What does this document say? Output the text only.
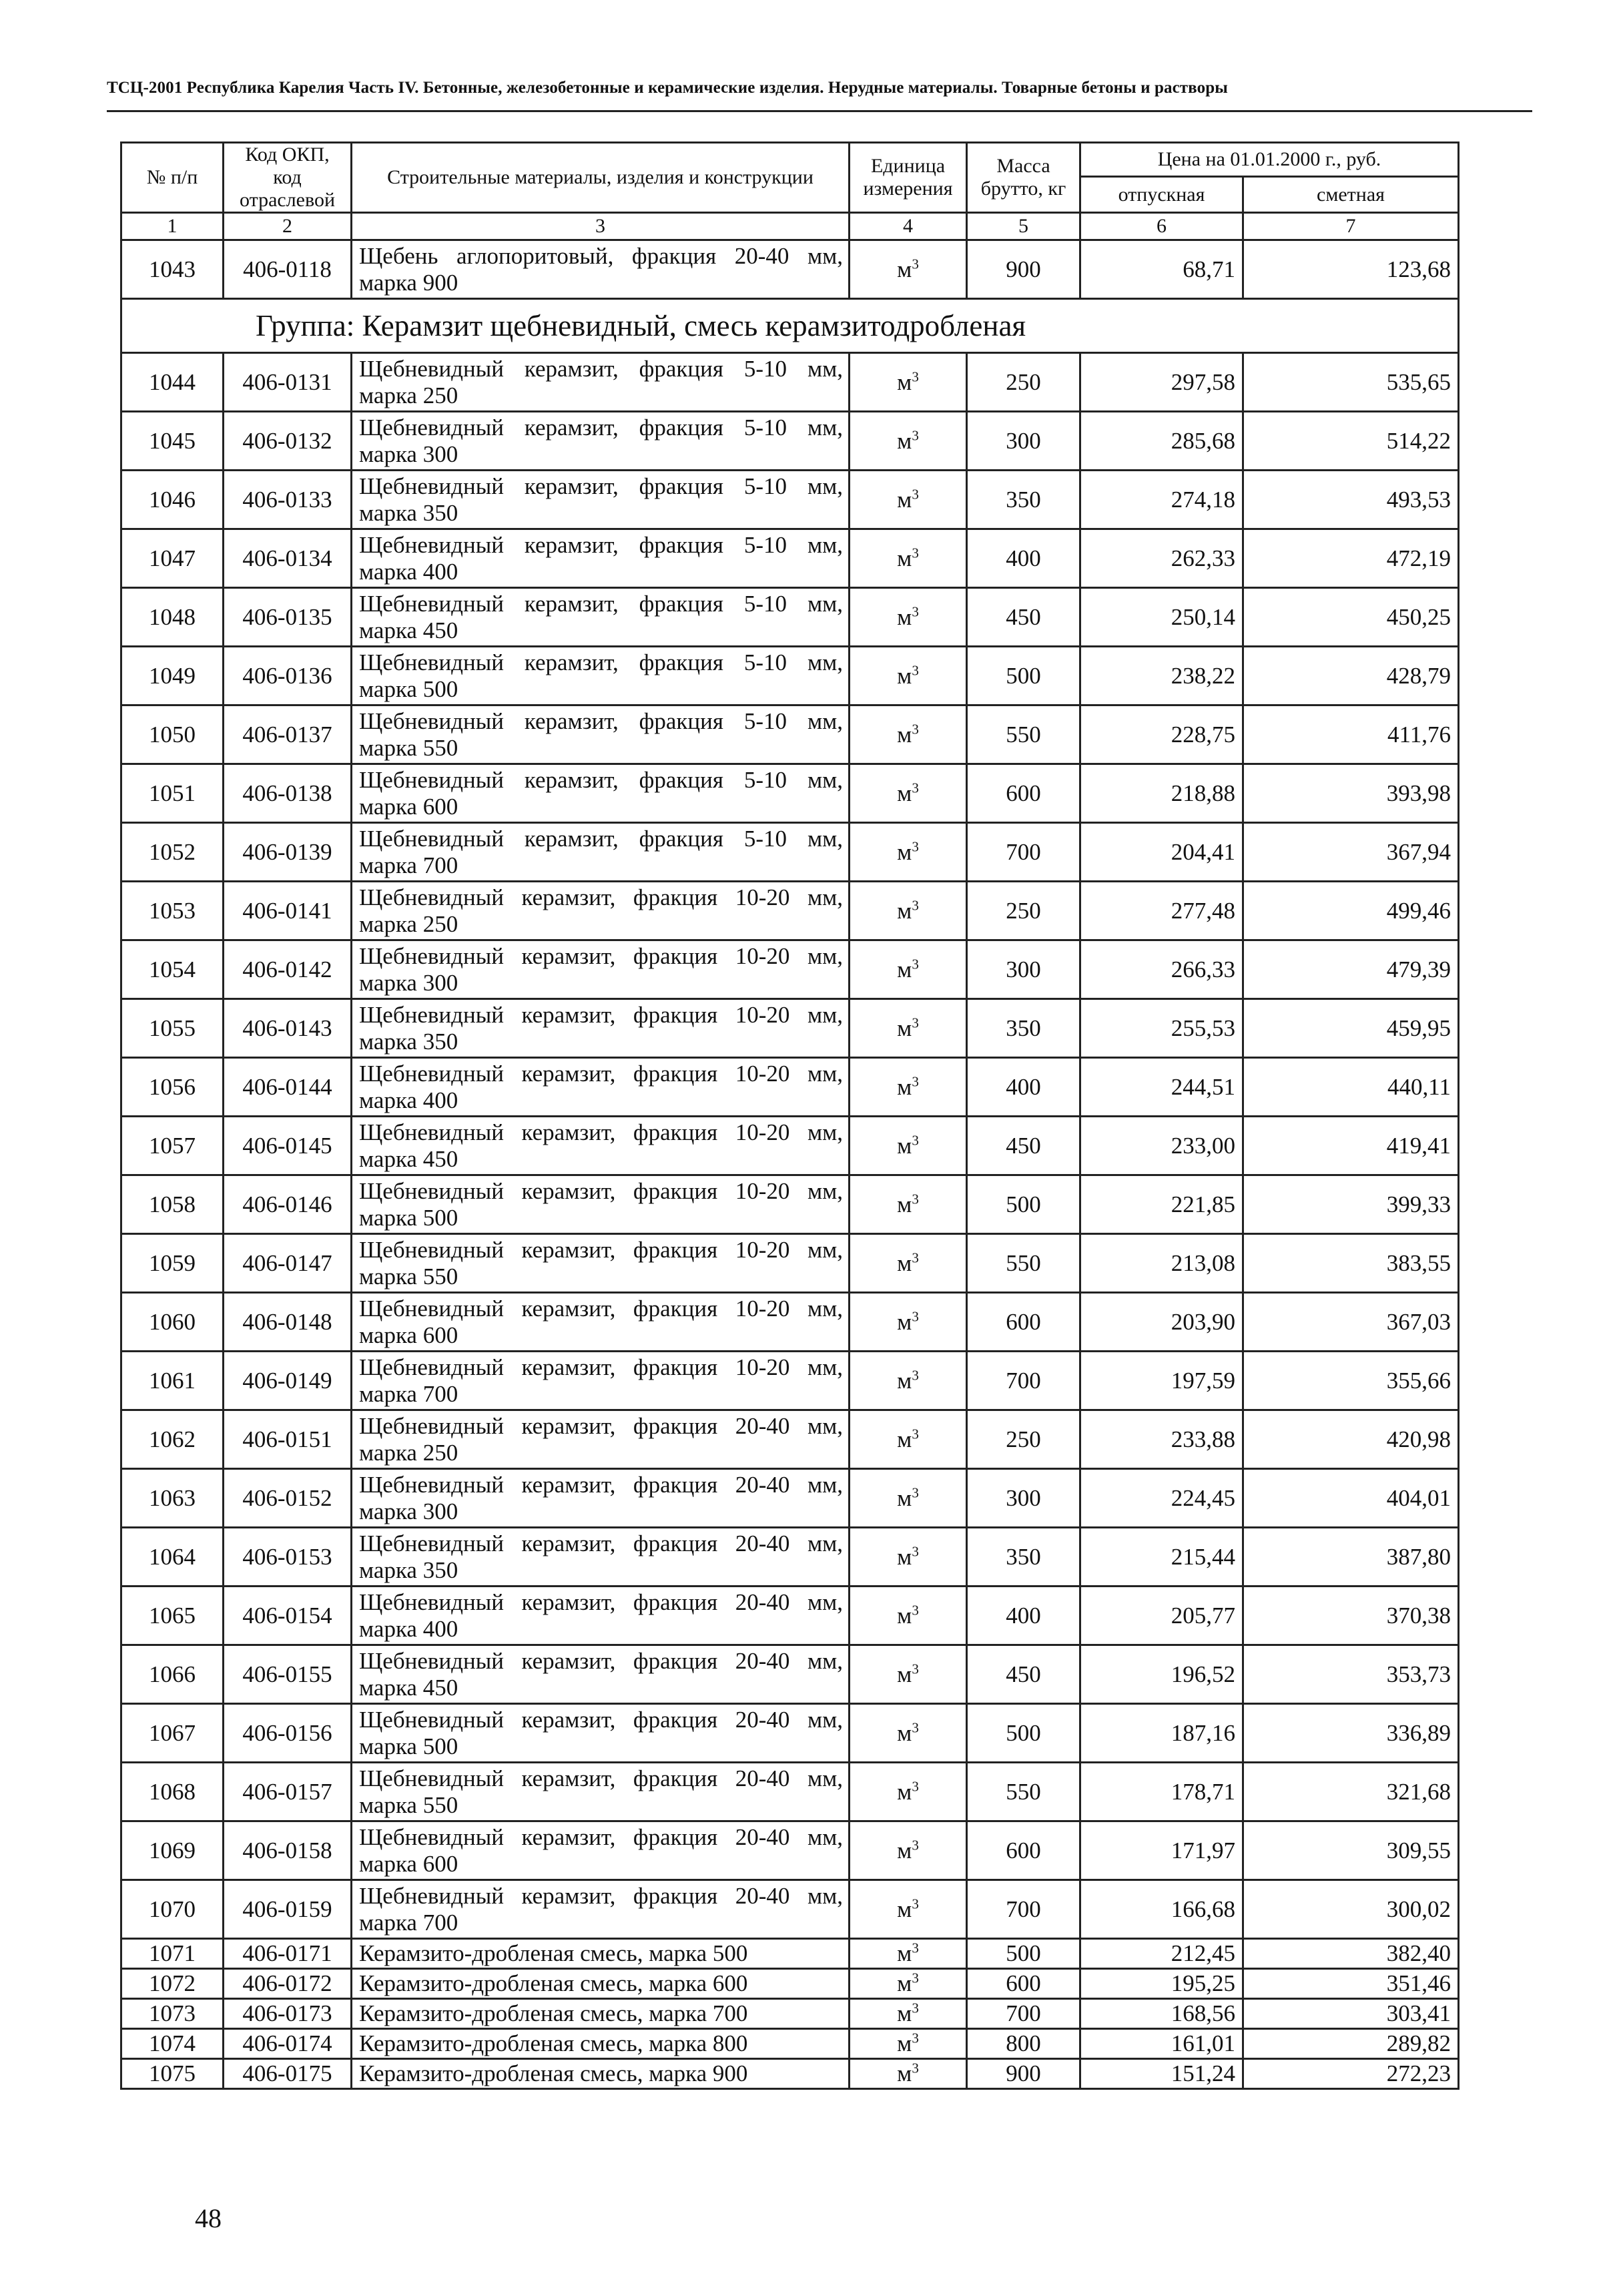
ТСЦ-2001 Республика Карелия Часть IV. Бетонные, железобетонные и керамические изделия. Нерудные материалы. Товарные бетоны и растворы
№ п/п	Код ОКП, код отраслевой	Строительные материалы, изделия и конструкции	Единица измерения	Масса брутто, кг	Цена на 01.01.2000 г., руб.	
					отпускная	сметная
1	2	3	4	5	6	7
1043	406-0118	Щебень аглопоритовый, фракция 20-40 мм, марка 900	$м^3$	900	68,71	123,68
Группа: Керамзит щебневидный, смесь керамзитодробленая						
1044	406-0131	Щебневидный керамзит, фракция 5-10 мм, марка 250	$м^3$	250	297,58	535,65
1045	406-0132	Щебневидный керамзит, фракция 5-10 мм, марка 300	$м^3$	300	285,68	514,22
1046	406-0133	Щебневидный керамзит, фракция 5-10 мм, марка 350	$м^3$	350	274,18	493,53
1047	406-0134	Щебневидный керамзит, фракция 5-10 мм, марка 400	$м^3$	400	262,33	472,19
1048	406-0135	Щебневидный керамзит, фракция 5-10 мм, марка 450	$м^3$	450	250,14	450,25
1049	406-0136	Щебневидный керамзит, фракция 5-10 мм, марка 500	$м^3$	500	238,22	428,79
1050	406-0137	Щебневидный керамзит, фракция 5-10 мм, марка 550	$м^3$	550	228,75	411,76
1051	406-0138	Щебневидный керамзит, фракция 5-10 мм, марка 600	$м^3$	600	218,88	393,98
1052	406-0139	Щебневидный керамзит, фракция 5-10 мм, марка 700	$м^3$	700	204,41	367,94
1053	406-0141	Щебневидный керамзит, фракция 10-20 мм, марка 250	$м^3$	250	277,48	499,46
1054	406-0142	Щебневидный керамзит, фракция 10-20 мм, марка 300	$м^3$	300	266,33	479,39
1055	406-0143	Щебневидный керамзит, фракция 10-20 мм, марка 350	$м^3$	350	255,53	459,95
1056	406-0144	Щебневидный керамзит, фракция 10-20 мм, марка 400	$м^3$	400	244,51	440,11
1057	406-0145	Щебневидный керамзит, фракция 10-20 мм, марка 450	$м^3$	450	233,00	419,41
1058	406-0146	Щебневидный керамзит, фракция 10-20 мм, марка 500	$м^3$	500	221,85	399,33
1059	406-0147	Щебневидный керамзит, фракция 10-20 мм, марка 550	$м^3$	550	213,08	383,55
1060	406-0148	Щебневидный керамзит, фракция 10-20 мм, марка 600	$м^3$	600	203,90	367,03
1061	406-0149	Щебневидный керамзит, фракция 10-20 мм, марка 700	$м^3$	700	197,59	355,66
1062	406-0151	Щебневидный керамзит, фракция 20-40 мм, марка 250	$м^3$	250	233,88	420,98
1063	406-0152	Щебневидный керамзит, фракция 20-40 мм, марка 300	$м^3$	300	224,45	404,01
1064	406-0153	Щебневидный керамзит, фракция 20-40 мм, марка 350	$м^3$	350	215,44	387,80
1065	406-0154	Щебневидный керамзит, фракция 20-40 мм, марка 400	$м^3$	400	205,77	370,38
1066	406-0155	Щебневидный керамзит, фракция 20-40 мм, марка 450	$м^3$	450	196,52	353,73
1067	406-0156	Щебневидный керамзит, фракция 20-40 мм, марка 500	$м^3$	500	187,16	336,89
1068	406-0157	Щебневидный керамзит, фракция 20-40 мм, марка 550	$м^3$	550	178,71	321,68
1069	406-0158	Щебневидный керамзит, фракция 20-40 мм, марка 600	$м^3$	600	171,97	309,55
1070	406-0159	Щебневидный керамзит, фракция 20-40 мм, марка 700	$м^3$	700	166,68	300,02
1071	406-0171	Керамзито-дробленая смесь, марка 500	$м^3$	500	212,45	382,40
1072	406-0172	Керамзито-дробленая смесь, марка 600	$м^3$	600	195,25	351,46
1073	406-0173	Керамзито-дробленая смесь, марка 700	$м^3$	700	168,56	303,41
1074	406-0174	Керамзито-дробленая смесь, марка 800	$м^3$	800	161,01	289,82
1075	406-0175	Керамзито-дробленая смесь, марка 900	$м^3$	900	151,24	272,23
48
